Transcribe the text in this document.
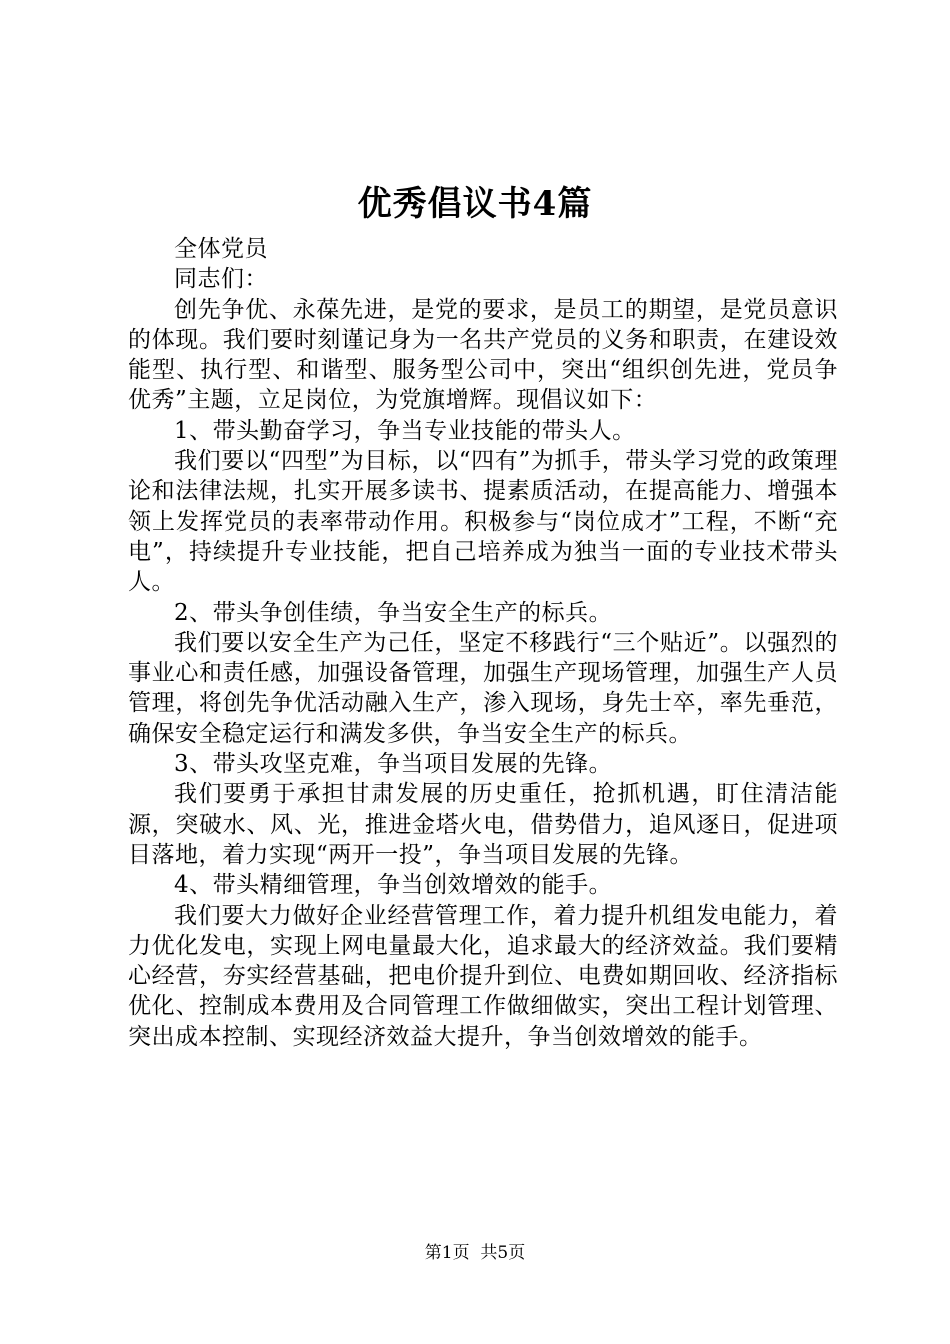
优秀倡议书4篇

全体党员

同志们：

创先争优、永葆先进，是党的要求，是员工的期望，是党员意识的体现。我们要时刻谨记身为一名共产党员的义务和职责，在建设效能型、执行型、和谐型、服务型公司中，突出“组织创先进，党员争优秀”主题，立足岗位，为党旗增辉。现倡议如下：

1、带头勤奋学习，争当专业技能的带头人。

我们要以“四型”为目标，以“四有”为抓手，带头学习党的政策理论和法律法规，扎实开展多读书、提素质活动，在提高能力、增强本领上发挥党员的表率带动作用。积极参与“岗位成才”工程，不断“充电”，持续提升专业技能，把自己培养成为独当一面的专业技术带头人。

2、带头争创佳绩，争当安全生产的标兵。

我们要以安全生产为己任，坚定不移践行“三个贴近”。以强烈的事业心和责任感，加强设备管理，加强生产现场管理，加强生产人员管理，将创先争优活动融入生产，渗入现场，身先士卒，率先垂范，确保安全稳定运行和满发多供，争当安全生产的标兵。

3、带头攻坚克难，争当项目发展的先锋。

我们要勇于承担甘肃发展的历史重任，抢抓机遇，盯住清洁能源，突破水、风、光，推进金塔火电，借势借力，追风逐日，促进项目落地，着力实现“两开一投”，争当项目发展的先锋。

4、带头精细管理，争当创效增效的能手。

我们要大力做好企业经营管理工作，着力提升机组发电能力，着力优化发电，实现上网电量最大化，追求最大的经济效益。我们要精心经营，夯实经营基础，把电价提升到位、电费如期回收、经济指标优化、控制成本费用及合同管理工作做细做实，突出工程计划管理、突出成本控制、实现经济效益大提升，争当创效增效的能手。

第1页 共5页
